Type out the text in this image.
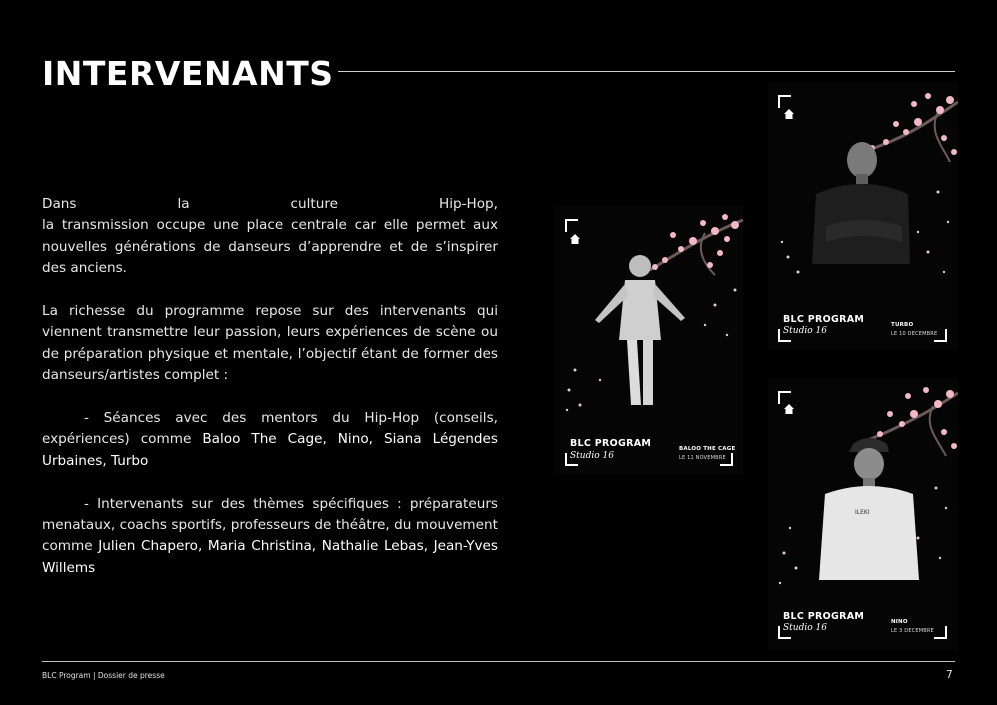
INTERVENANTS

Dans la culture Hip-Hop,
la transmission occupe une place centrale car elle permet aux nouvelles générations de danseurs d’apprendre et de s’inspirer des anciens.

La richesse du programme repose sur des intervenants qui viennent transmettre leur passion, leurs expériences de scène ou de préparation physique et mentale, l’objectif étant de former des danseurs/artistes complet :

- Séances avec des mentors du Hip-Hop (conseils, expériences) comme Baloo The Cage, Nino, Siana Légendes Urbaines, Turbo

- Intervenants sur des thèmes spécifiques : préparateurs menataux, coachs sportifs, professeurs de théâtre, du mouvement comme Julien Chapero, Maria Christina, Nathalie Lebas, Jean-Yves Willems

BLC PROGRAM
Studio 16
BALOO THE CAGE
LE 11 NOVEMBRE
BLC PROGRAM
Studio 16
TURBO
LE 10 DECEMBRE
ILEKI
BLC PROGRAM
Studio 16
NINO
LE 3 DECEMBRE
BLC Program | Dossier de presse	7
